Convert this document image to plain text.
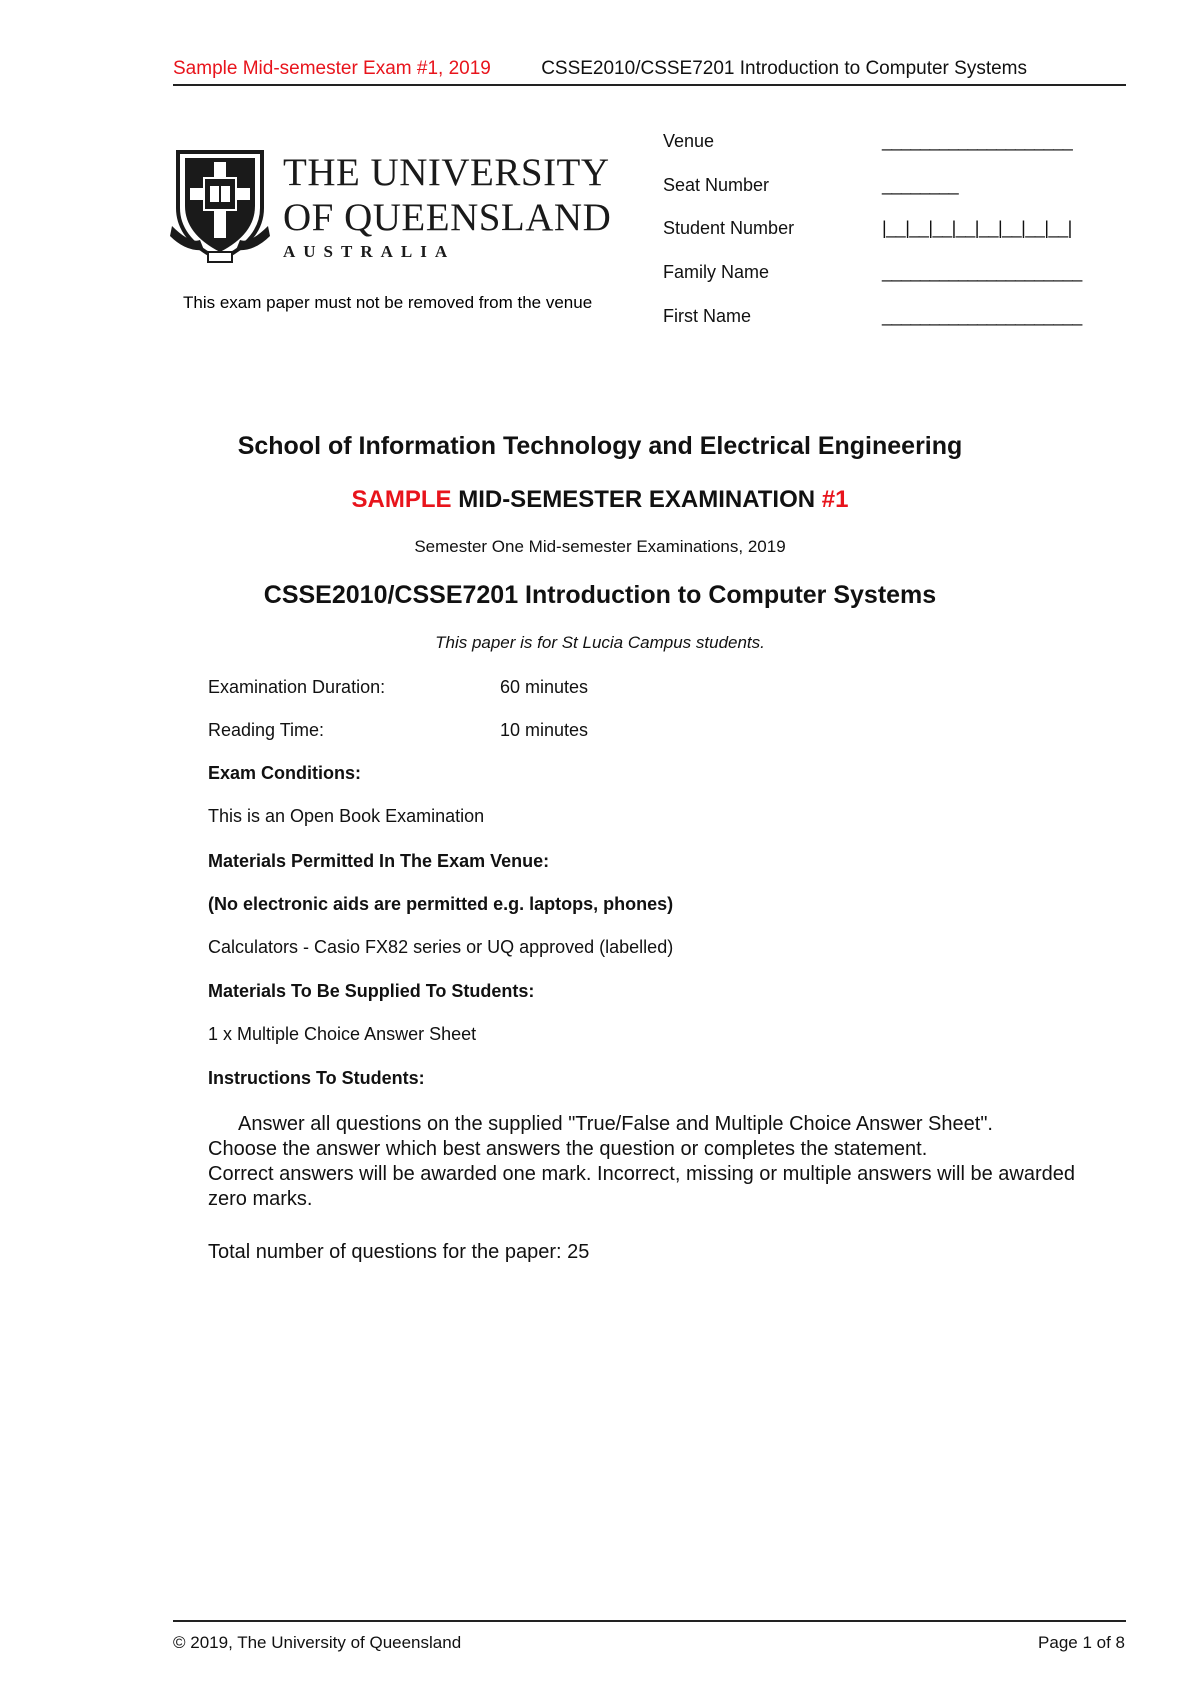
Sample Mid-semester Exam #1, 2019	CSSE2010/CSSE7201 Introduction to Computer Systems
THE UNIVERSITY
OF QUEENSLAND
AUSTRALIA
This exam paper must not be removed from the venue
Venue	____________________
Seat Number	________
Student Number	|__|__|__|__|__|__|__|__|
Family Name	_____________________
First Name	_____________________
School of Information Technology and Electrical Engineering
SAMPLE MID-SEMESTER EXAMINATION #1
Semester One Mid-semester Examinations, 2019
CSSE2010/CSSE7201 Introduction to Computer Systems
This paper is for St Lucia Campus students.
Examination Duration:	60 minutes
Reading Time:	10 minutes
Exam Conditions:
This is an Open Book Examination
Materials Permitted In The Exam Venue:
(No electronic aids are permitted e.g. laptops, phones)
Calculators - Casio FX82 series or UQ approved (labelled)
Materials To Be Supplied To Students:
1 x Multiple Choice Answer Sheet
Instructions To Students:
Answer all questions on the supplied "True/False and Multiple Choice Answer Sheet".
Choose the answer which best answers the question or completes the statement.
Correct answers will be awarded one mark. Incorrect, missing or multiple answers will be awarded zero marks.
Total number of questions for the paper: 25
© 2019, The University of Queensland	Page 1 of 8
